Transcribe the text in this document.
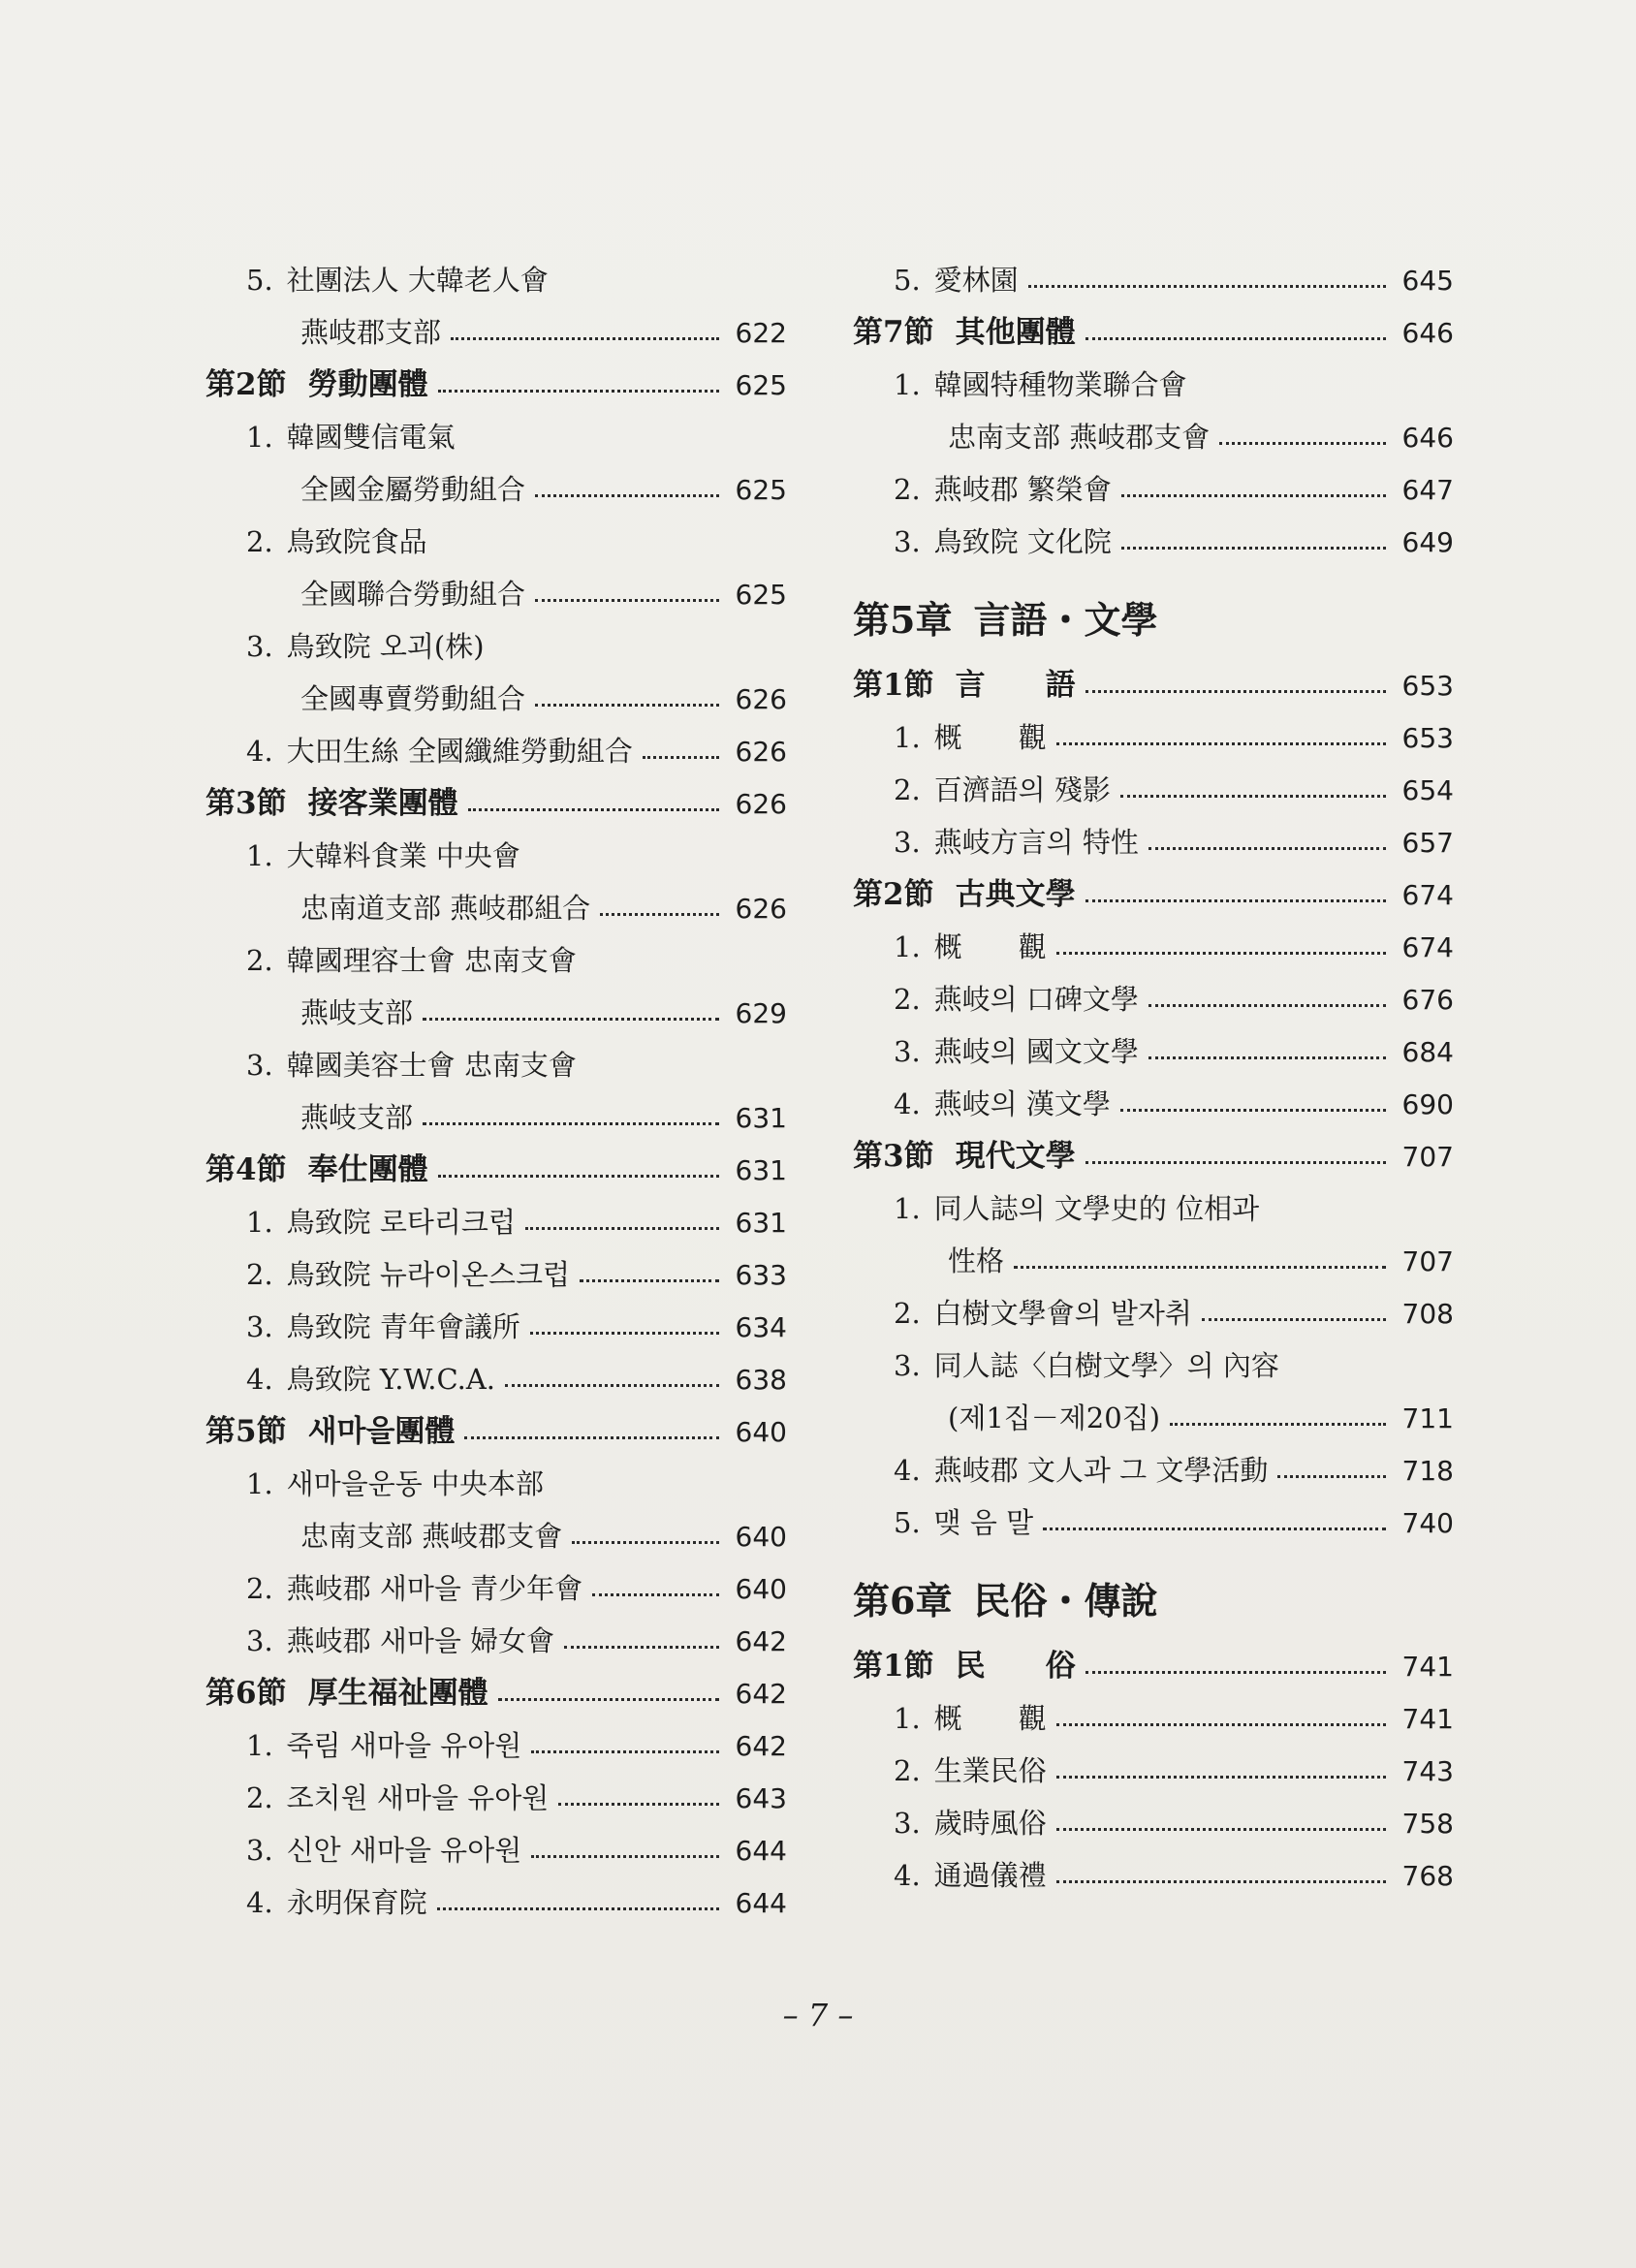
5. 社團法人 大韓老人會
燕岐郡支部	622
第2節 勞動團體	625
1. 韓國雙信電氣
全國金屬勞動組合	625
2. 鳥致院食品
全國聯合勞動組合	625
3. 鳥致院 오괴(株)
全國專賣勞動組合	626
4. 大田生絲 全國纖維勞動組合	626
第3節 接客業團體	626
1. 大韓料食業 中央會
忠南道支部 燕岐郡組合	626
2. 韓國理容士會 忠南支會
燕岐支部	629
3. 韓國美容士會 忠南支會
燕岐支部	631
第4節 奉仕團體	631
1. 鳥致院 로타리크럽	631
2. 鳥致院 뉴라이온스크럽	633
3. 鳥致院 青年會議所	634
4. 鳥致院 Y.W.C.A.	638
第5節 새마을團體	640
1. 새마을운동 中央本部
忠南支部 燕岐郡支會	640
2. 燕岐郡 새마을 青少年會	640
3. 燕岐郡 새마을 婦女會	642
第6節 厚生福祉團體	642
1. 죽림 새마을 유아원	642
2. 조치원 새마을 유아원	643
3. 신안 새마을 유아원	644
4. 永明保育院	644
5. 愛林園	645
第7節 其他團體	646
1. 韓國特種物業聯合會
忠南支部 燕岐郡支會	646
2. 燕岐郡 繁榮會	647
3. 鳥致院 文化院	649
第5章 言語・文學
第1節 言　　語	653
1. 概　　觀	653
2. 百濟語의 殘影	654
3. 燕岐方言의 特性	657
第2節 古典文學	674
1. 概　　觀	674
2. 燕岐의 口碑文學	676
3. 燕岐의 國文文學	684
4. 燕岐의 漢文學	690
第3節 現代文學	707
1. 同人誌의 文學史的 位相과
性格	707
2. 白樹文學會의 발자취	708
3. 同人誌〈白樹文學〉의 內容
(제1집－제20집)	711
4. 燕岐郡 文人과 그 文學活動	718
5. 맺 음 말	740
第6章 民俗・傳說
第1節 民　　俗	741
1. 概　　觀	741
2. 生業民俗	743
3. 歲時風俗	758
4. 通過儀禮	768
– 7 –
